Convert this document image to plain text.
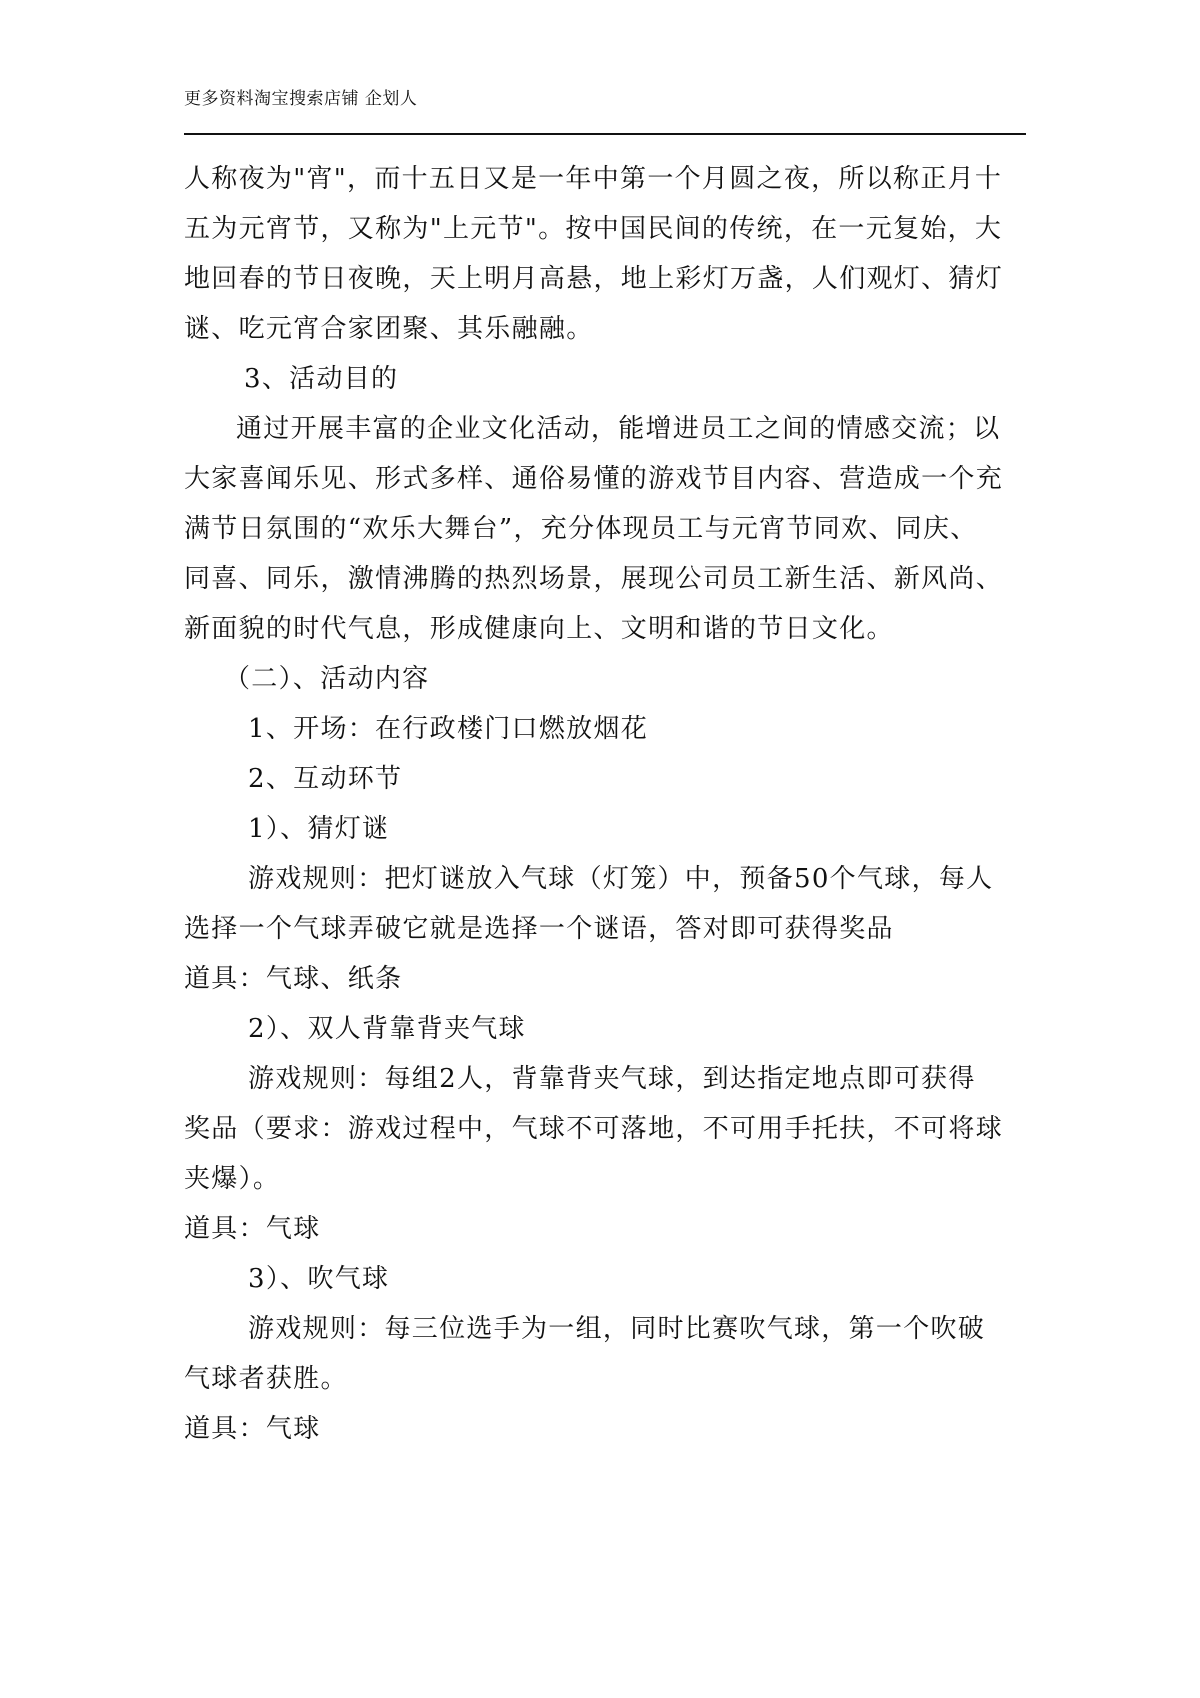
更多资料淘宝搜索店铺 企划人
人称夜为"宵"，而十五日又是一年中第一个月圆之夜，所以称正月十
五为元宵节，又称为"上元节"。按中国民间的传统，在一元复始，大
地回春的节日夜晚，天上明月高悬，地上彩灯万盏，人们观灯、猜灯
谜、吃元宵合家团聚、其乐融融。
3、活动目的
通过开展丰富的企业文化活动，能增进员工之间的情感交流；以
大家喜闻乐见、形式多样、通俗易懂的游戏节目内容、营造成一个充
满节日氛围的“欢乐大舞台”，充分体现员工与元宵节同欢、同庆、
同喜、同乐，激情沸腾的热烈场景，展现公司员工新生活、新风尚、
新面貌的时代气息，形成健康向上、文明和谐的节日文化。
（二）、活动内容
1、开场：在行政楼门口燃放烟花
2、互动环节
1）、猜灯谜
游戏规则：把灯谜放入气球（灯笼）中，预备50个气球，每人
选择一个气球弄破它就是选择一个谜语，答对即可获得奖品
道具：气球、纸条
2）、双人背靠背夹气球
游戏规则：每组2人，背靠背夹气球，到达指定地点即可获得
奖品（要求：游戏过程中，气球不可落地，不可用手托扶，不可将球
夹爆）。
道具：气球
3）、吹气球
游戏规则：每三位选手为一组，同时比赛吹气球，第一个吹破
气球者获胜。
道具：气球
